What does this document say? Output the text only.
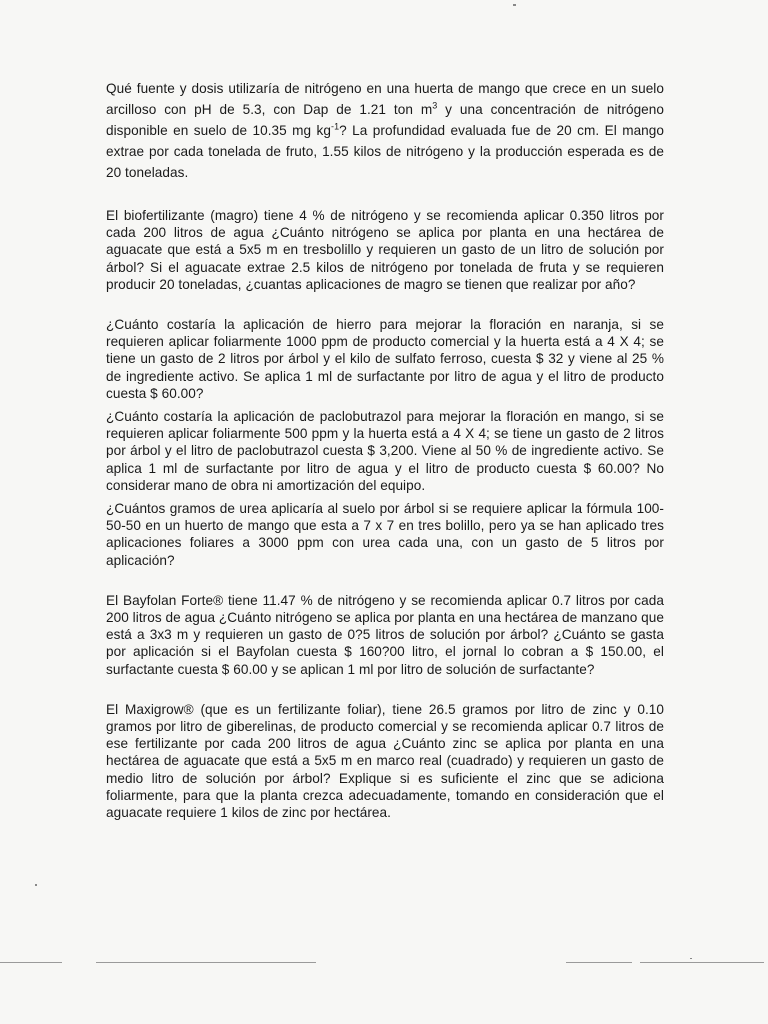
Qué fuente y dosis utilizaría de nitrógeno en una huerta de mango que crece en un suelo arcilloso con pH de 5.3, con Dap de 1.21 ton $m^3$ y una concentración de nitrógeno disponible en suelo de 10.35 mg $kg^{-1}$? La profundidad evaluada fue de 20 cm. El mango extrae por cada tonelada de fruto, 1.55 kilos de nitrógeno y la producción esperada es de 20 toneladas.

El biofertilizante (magro) tiene 4 % de nitrógeno y se recomienda aplicar 0.350 litros por cada 200 litros de agua ¿Cuánto nitrógeno se aplica por planta en una hectárea de aguacate que está a 5x5 m en tresbolillo y requieren un gasto de un litro de solución por árbol? Si el aguacate extrae 2.5 kilos de nitrógeno por tonelada de fruta y se requieren producir 20 toneladas, ¿cuantas aplicaciones de magro se tienen que realizar por año?

¿Cuánto costaría la aplicación de hierro para mejorar la floración en naranja, si se requieren aplicar foliarmente 1000 ppm de producto comercial y la huerta está a 4 X 4; se tiene un gasto de 2 litros por árbol y el kilo de sulfato ferroso, cuesta $ 32 y viene al 25 % de ingrediente activo. Se aplica 1 ml de surfactante por litro de agua y el litro de producto cuesta $ 60.00?

¿Cuánto costaría la aplicación de paclobutrazol para mejorar la floración en mango, si se requieren aplicar foliarmente 500 ppm y la huerta está a 4 X 4; se tiene un gasto de 2 litros por árbol y el litro de paclobutrazol cuesta $ 3,200. Viene al 50 % de ingrediente activo. Se aplica 1 ml de surfactante por litro de agua y el litro de producto cuesta $ 60.00? No considerar mano de obra ni amortización del equipo.

¿Cuántos gramos de urea aplicaría al suelo por árbol si se requiere aplicar la fórmula 100-50-50 en un huerto de mango que esta a 7 x 7 en tres bolillo, pero ya se han aplicado tres aplicaciones foliares a 3000 ppm con urea cada una, con un gasto de 5 litros por aplicación?

El Bayfolan Forte® tiene 11.47 % de nitrógeno y se recomienda aplicar 0.7 litros por cada 200 litros de agua ¿Cuánto nitrógeno se aplica por planta en una hectárea de manzano que está a 3x3 m y requieren un gasto de 0?5 litros de solución por árbol? ¿Cuánto se gasta por aplicación si el Bayfolan cuesta $ 160?00 litro, el jornal lo cobran a $ 150.00, el surfactante cuesta $ 60.00 y se aplican 1 ml por litro de solución de surfactante?

El Maxigrow® (que es un fertilizante foliar), tiene 26.5 gramos por litro de zinc y 0.10 gramos por litro de giberelinas, de producto comercial y se recomienda aplicar 0.7 litros de ese fertilizante por cada 200 litros de agua ¿Cuánto zinc se aplica por planta en una hectárea de aguacate que está a 5x5 m en marco real (cuadrado) y requieren un gasto de medio litro de solución por árbol? Explique si es suficiente el zinc que se adiciona foliarmente, para que la planta crezca adecuadamente, tomando en consideración que el aguacate requiere 1 kilos de zinc por hectárea.
